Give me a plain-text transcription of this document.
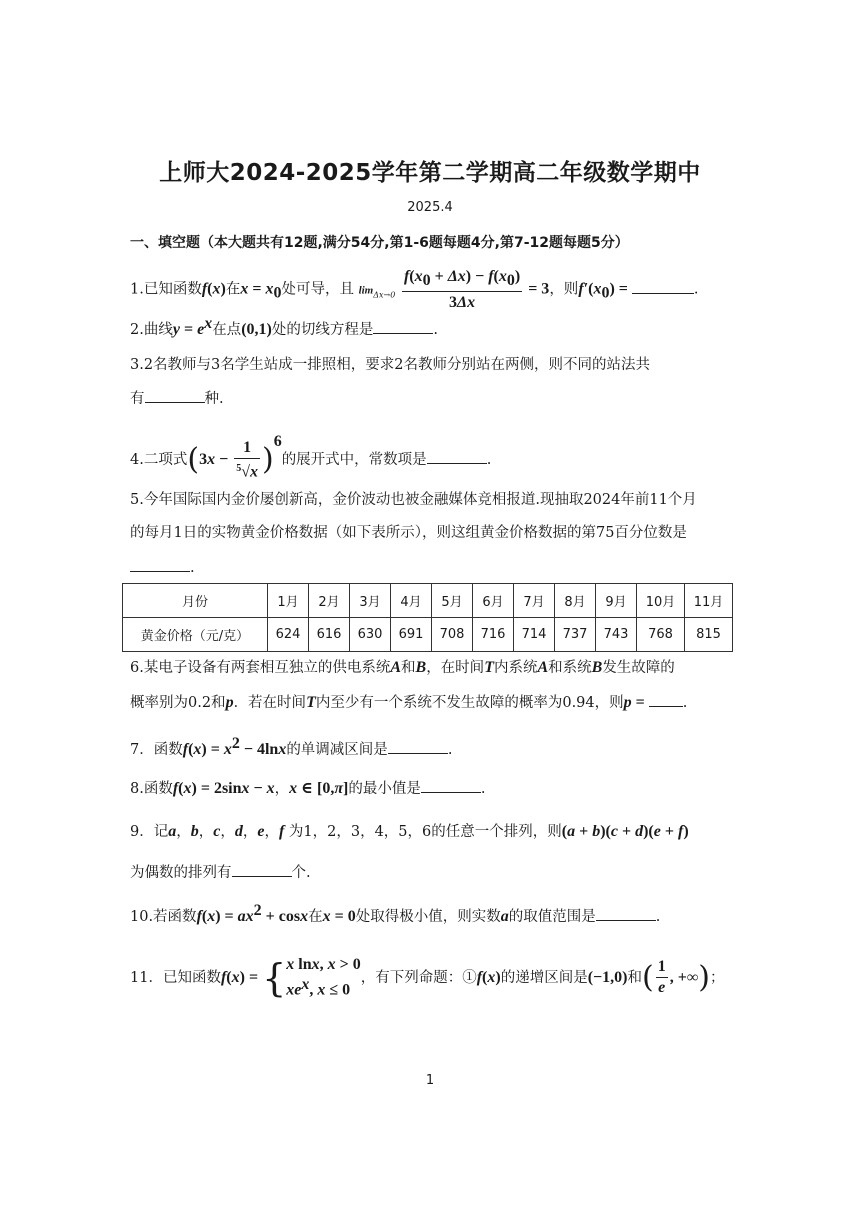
上师大2024-2025学年第二学期高二年级数学期中
2025.4
一、填空题（本大题共有12题,满分54分,第1-6题每题4分,第7-12题每题5分）
1.已知函数f(x)在$x = x_0$处可导，且 $\lim_{\Delta x\to 0} \frac{f(x_0 + \Delta x) - f(x_0)}{3\Delta x} = 3$，则$f'(x_0)$ =	.
2.曲线$y = e^x$在点(0,1)处的切线方程是	.
3.2名教师与3名学生站成一排照相，要求2名教师分别站在两侧，则不同的站法共
有	种.
4.二项式$(3x - \frac{1}{^5√x} )^6$的展开式中，常数项是	.
5.今年国际国内金价屡创新高，金价波动也被金融媒体竞相报道.现抽取2024年前11个月
的每月1日的实物黄金价格数据（如下表所示），则这组黄金价格数据的第75百分位数是
.
月份	1月	2月	3月	4月	5月	6月	7月	8月	9月	10月	11月
黄金价格（元/克）	624	616	630	691	708	716	714	737	743	768	815
6.某电子设备有两套相互独立的供电系统A和B，在时间T内系统A和系统B发生故障的
概率别为0.2和p．若在时间T内至少有一个系统不发生故障的概率为0.94，则p = .
7．函数$f(x) = x^2 - 4\ln x$的单调减区间是	.
8.函数f(x) = 2sinx − x，x ∈ [0,π]的最小值是	.
9．记a，b，c，d，e，f 为1，2，3，4，5，6的任意一个排列，则(a + b)(c + d)(e + f)
为偶数的排列有	个.
10.若函数$f(x) = ax^2 + \cos x$在x = 0处取得极小值，则实数a的取值范围是	.
11．已知函数f(x) = { x lnx, x > 0
$xe^x$, x ≤ 0
，有下列命题：①f(x)的递增区间是(−1,0)和( $\frac{1}{e}$ , +∞)；
1
